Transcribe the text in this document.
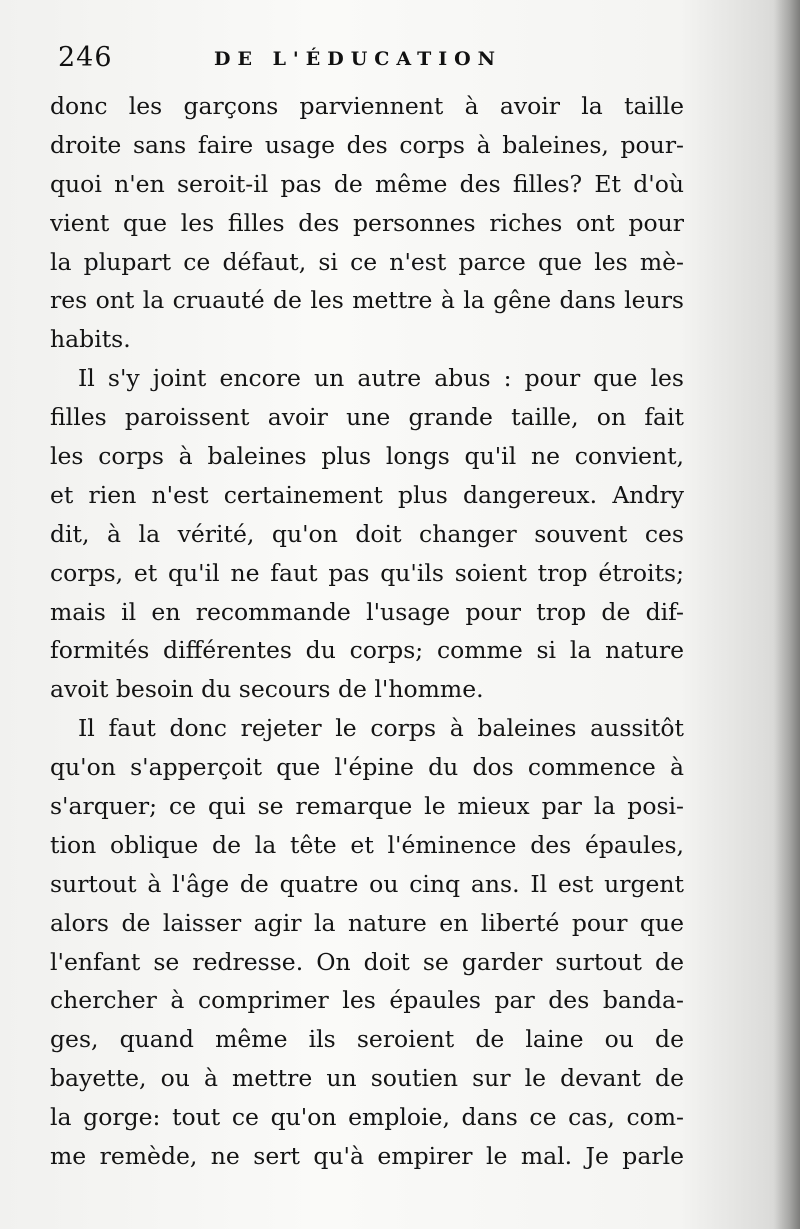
246	DE L'ÉDUCATION
donc les garçons parviennent à avoir la taille
droite sans faire usage des corps à baleines, pour-
quoi n'en seroit-il pas de même des filles? Et d'où
vient que les filles des personnes riches ont pour
la plupart ce défaut, si ce n'est parce que les mè-
res ont la cruauté de les mettre à la gêne dans leurs
habits.
Il s'y joint encore un autre abus : pour que les
filles paroissent avoir une grande taille, on fait
les corps à baleines plus longs qu'il ne convient,
et rien n'est certainement plus dangereux. Andry
dit, à la vérité, qu'on doit changer souvent ces
corps, et qu'il ne faut pas qu'ils soient trop étroits;
mais il en recommande l'usage pour trop de dif-
formités différentes du corps; comme si la nature
avoit besoin du secours de l'homme.
Il faut donc rejeter le corps à baleines aussitôt
qu'on s'apperçoit que l'épine du dos commence à
s'arquer; ce qui se remarque le mieux par la posi-
tion oblique de la tête et l'éminence des épaules,
surtout à l'âge de quatre ou cinq ans. Il est urgent
alors de laisser agir la nature en liberté pour que
l'enfant se redresse. On doit se garder surtout de
chercher à comprimer les épaules par des banda-
ges, quand même ils seroient de laine ou de
bayette, ou à mettre un soutien sur le devant de
la gorge: tout ce qu'on emploie, dans ce cas, com-
me remède, ne sert qu'à empirer le mal. Je parle
